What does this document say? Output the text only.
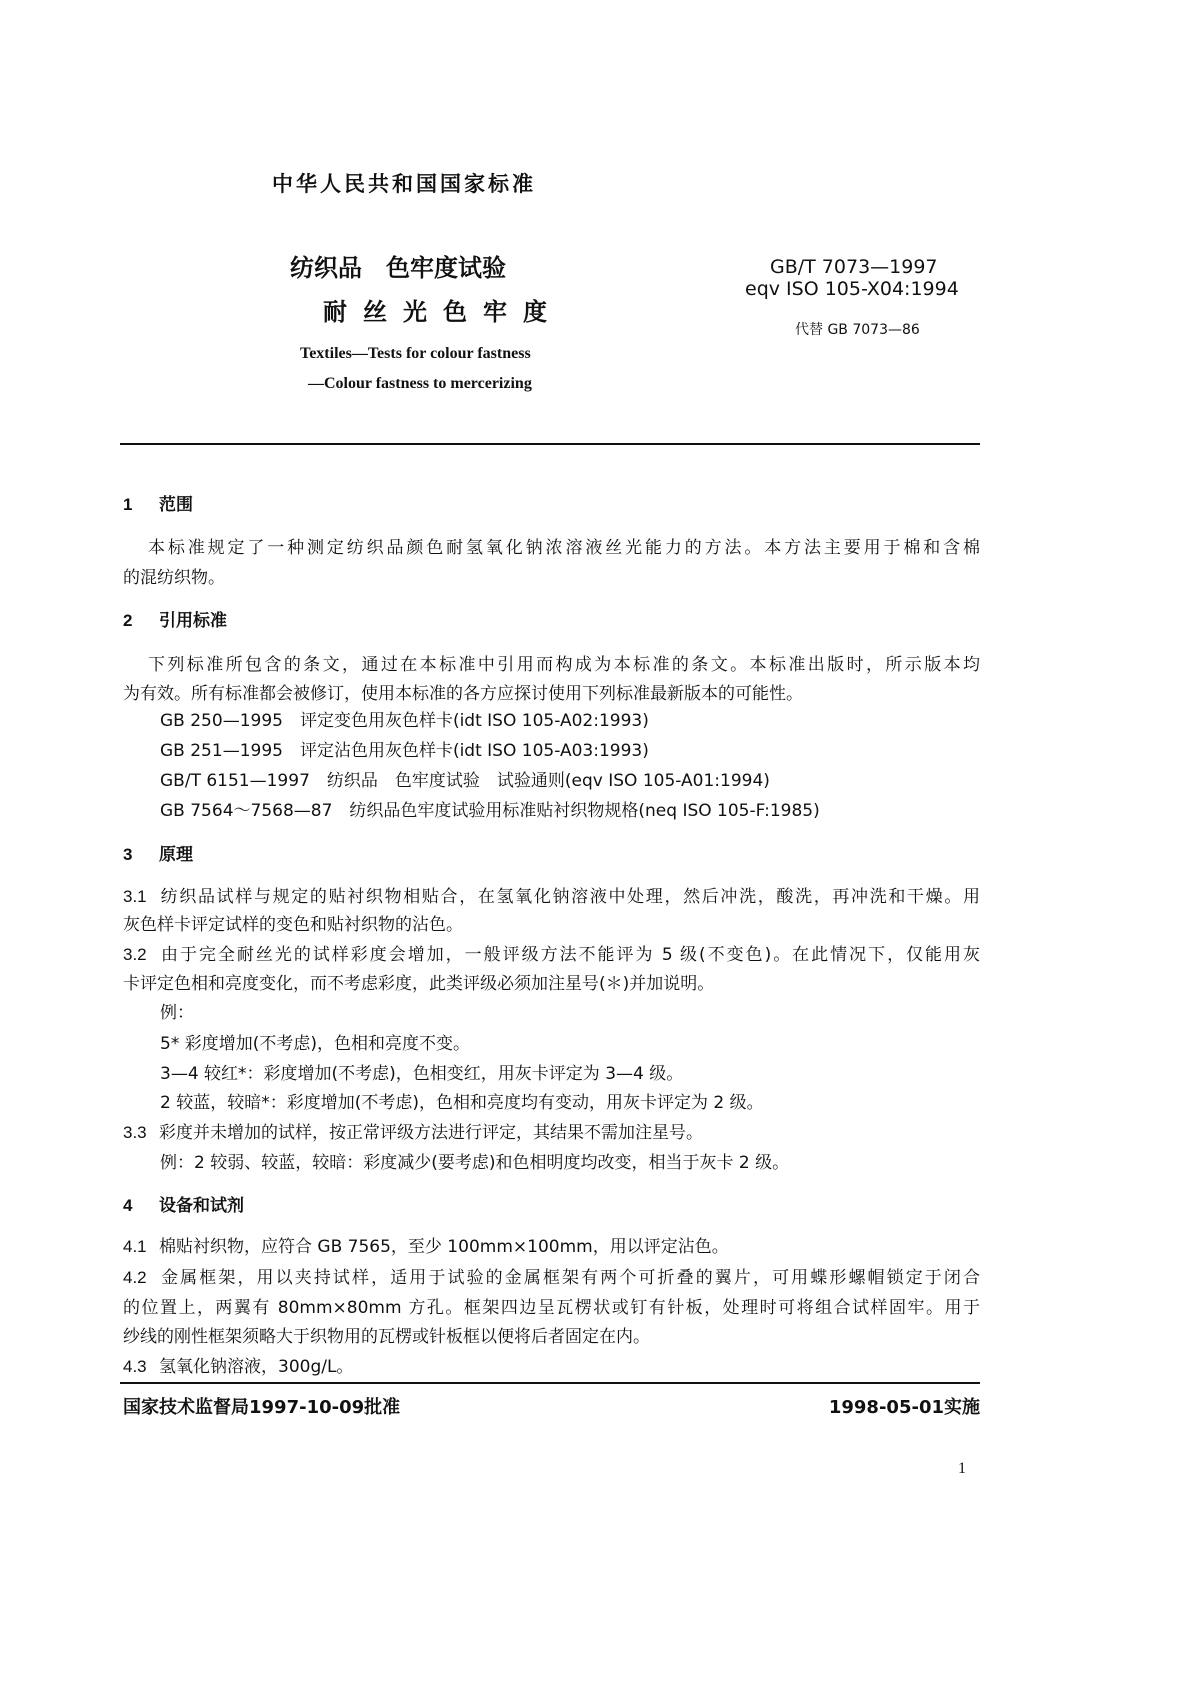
中华人民共和国国家标准
纺织品　色牢度试验
耐丝光色牢度
Textiles—Tests for colour fastness
—Colour fastness to mercerizing
GB/T 7073—1997
eqv ISO 105-X04:1994
代替 GB 7073—86
1 范围
本标准规定了一种测定纺织品颜色耐氢氧化钠浓溶液丝光能力的方法。本方法主要用于棉和含棉
的混纺织物。
2 引用标准
下列标准所包含的条文，通过在本标准中引用而构成为本标准的条文。本标准出版时，所示版本均
为有效。所有标准都会被修订，使用本标准的各方应探讨使用下列标准最新版本的可能性。
GB 250—1995　评定变色用灰色样卡(idt ISO 105-A02:1993)
GB 251—1995　评定沾色用灰色样卡(idt ISO 105-A03:1993)
GB/T 6151—1997　纺织品　色牢度试验　试验通则(eqv ISO 105-A01:1994)
GB 7564～7568—87　纺织品色牢度试验用标准贴衬织物规格(neq ISO 105-F:1985)
3 原理
3.1 纺织品试样与规定的贴衬织物相贴合，在氢氧化钠溶液中处理，然后冲洗，酸洗，再冲洗和干燥。用
灰色样卡评定试样的变色和贴衬织物的沾色。
3.2 由于完全耐丝光的试样彩度会增加，一般评级方法不能评为 5 级(不变色)。在此情况下，仅能用灰
卡评定色相和亮度变化，而不考虑彩度，此类评级必须加注星号(＊)并加说明。
例：
5* 彩度增加(不考虑)，色相和亮度不变。
3—4 较红*：彩度增加(不考虑)，色相变红，用灰卡评定为 3—4 级。
2 较蓝，较暗*：彩度增加(不考虑)，色相和亮度均有变动，用灰卡评定为 2 级。
3.3 彩度并未增加的试样，按正常评级方法进行评定，其结果不需加注星号。
例：2 较弱、较蓝，较暗：彩度减少(要考虑)和色相明度均改变，相当于灰卡 2 级。
4 设备和试剂
4.1 棉贴衬织物，应符合 GB 7565，至少 100mm×100mm，用以评定沾色。
4.2 金属框架，用以夹持试样，适用于试验的金属框架有两个可折叠的翼片，可用蝶形螺帽锁定于闭合
的位置上，两翼有 80mm×80mm 方孔。框架四边呈瓦楞状或钉有针板，处理时可将组合试样固牢。用于
纱线的刚性框架须略大于织物用的瓦楞或针板框以便将后者固定在内。
4.3 氢氧化钠溶液，300g/L。
国家技术监督局1997-10-09批准	1998-05-01实施
1
